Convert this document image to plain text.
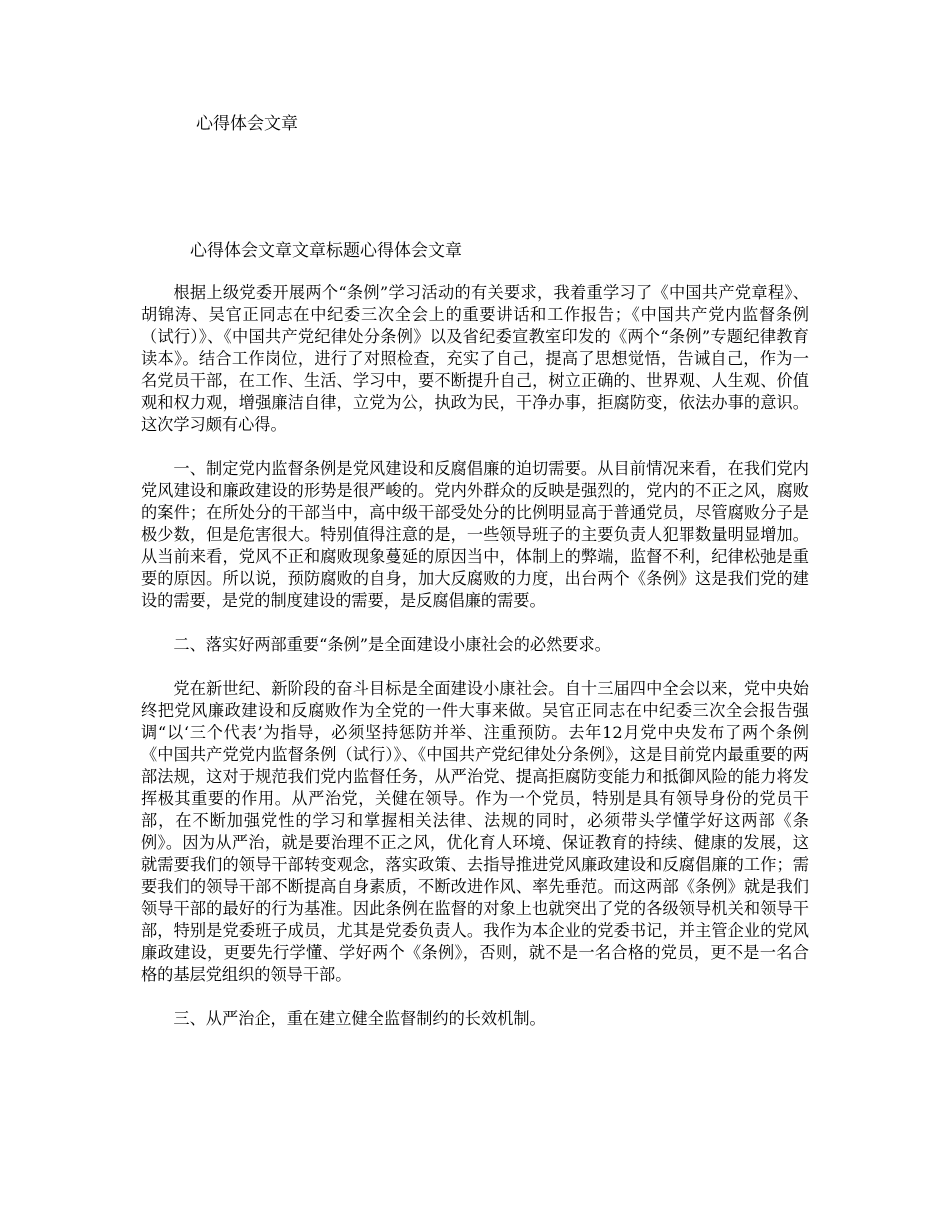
心得体会文章
心得体会文章文章标题心得体会文章

根据上级党委开展两个“条例”学习活动的有关要求，我着重学习了《中国共产党章程》、胡锦涛、吴官正同志在中纪委三次全会上的重要讲话和工作报告；《中国共产党内监督条例（试行）》、《中国共产党纪律处分条例》以及省纪委宣教室印发的《两个“条例”专题纪律教育读本》。结合工作岗位，进行了对照检查，充实了自己，提高了思想觉悟，告诫自己，作为一名党员干部，在工作、生活、学习中，要不断提升自己，树立正确的、世界观、人生观、价值观和权力观，增强廉洁自律，立党为公，执政为民，干净办事，拒腐防变，依法办事的意识。这次学习颇有心得。

一、制定党内监督条例是党风建设和反腐倡廉的迫切需要。从目前情况来看，在我们党内党风建设和廉政建设的形势是很严峻的。党内外群众的反映是强烈的，党内的不正之风，腐败的案件；在所处分的干部当中，高中级干部受处分的比例明显高于普通党员，尽管腐败分子是极少数，但是危害很大。特别值得注意的是，一些领导班子的主要负责人犯罪数量明显增加。从当前来看，党风不正和腐败现象蔓延的原因当中，体制上的弊端，监督不利，纪律松弛是重要的原因。所以说，预防腐败的自身，加大反腐败的力度，出台两个《条例》这是我们党的建设的需要，是党的制度建设的需要，是反腐倡廉的需要。

二、落实好两部重要“条例”是全面建设小康社会的必然要求。

党在新世纪、新阶段的奋斗目标是全面建设小康社会。自十三届四中全会以来，党中央始终把党风廉政建设和反腐败作为全党的一件大事来做。吴官正同志在中纪委三次全会报告强调“以‘三个代表’为指导，必须坚持惩防并举、注重预防。去年12月党中央发布了两个条例《中国共产党党内监督条例（试行）》、《中国共产党纪律处分条例》，这是目前党内最重要的两部法规，这对于规范我们党内监督任务，从严治党、提高拒腐防变能力和抵御风险的能力将发挥极其重要的作用。从严治党，关健在领导。作为一个党员，特别是具有领导身份的党员干部，在不断加强党性的学习和掌握相关法律、法规的同时，必须带头学懂学好这两部《条例》。因为从严治，就是要治理不正之风，优化育人环境、保证教育的持续、健康的发展，这就需要我们的领导干部转变观念，落实政策、去指导推进党风廉政建设和反腐倡廉的工作；需要我们的领导干部不断提高自身素质，不断改进作风、率先垂范。而这两部《条例》就是我们领导干部的最好的行为基准。因此条例在监督的对象上也就突出了党的各级领导机关和领导干部，特别是党委班子成员，尤其是党委负责人。我作为本企业的党委书记，并主管企业的党风廉政建设，更要先行学懂、学好两个《条例》，否则，就不是一名合格的党员，更不是一名合格的基层党组织的领导干部。

三、从严治企，重在建立健全监督制约的长效机制。
